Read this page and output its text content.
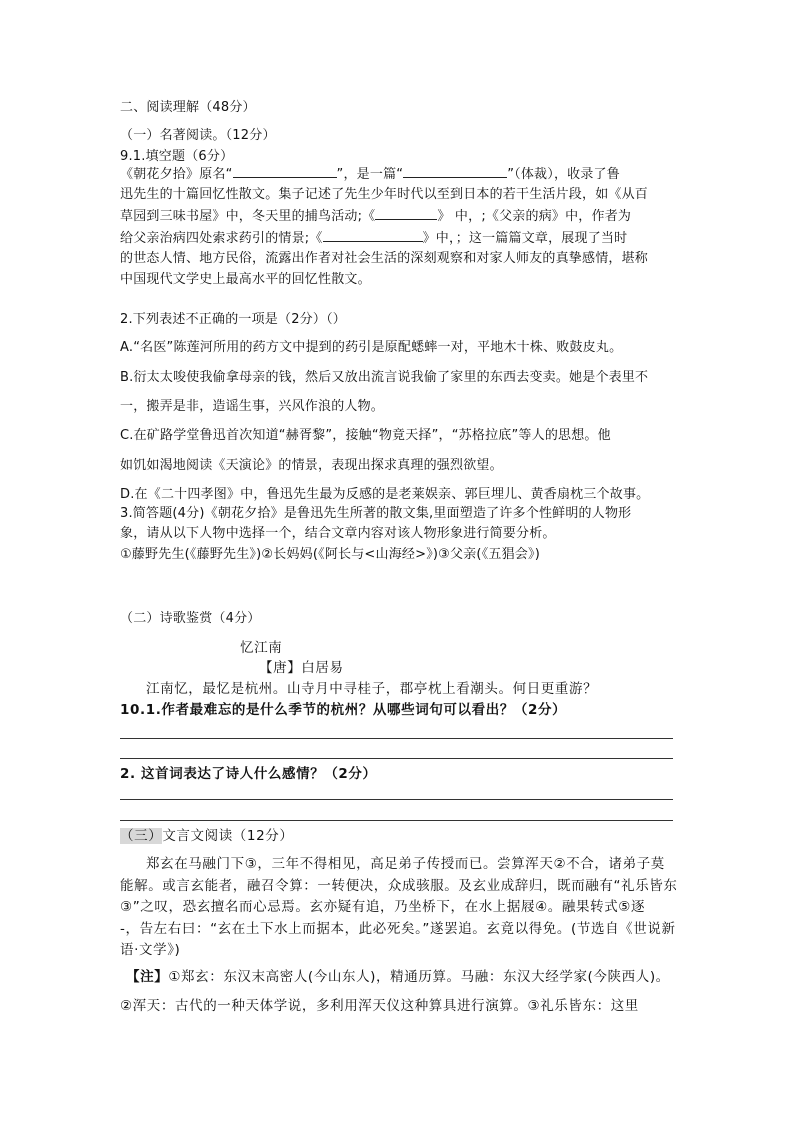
二、阅读理解（48分）
（一）名著阅读。（12分）
9.1.填空题（6分）
《朝花夕拾》原名“	”，是一篇“	”（体裁），收录了鲁
迅先生的十篇回忆性散文。集子记述了先生少年时代以至到日本的若干生活片段，如《从百
草园到三味书屋》中，冬天里的捕鸟活动;《	》 中，;《父亲的病》中，作者为
给父亲治病四处索求药引的情景;《	》中，；这一篇篇文章，展现了当时
的世态人情、地方民俗，流露出作者对社会生活的深刻观察和对家人师友的真挚感情，堪称
中国现代文学史上最高水平的回忆性散文。
2.下列表述不正确的一项是（2分）（）
A.“名医”陈莲河所用的药方文中提到的药引是原配蟋蟀一对，平地木十株、败鼓皮丸。
B.衍太太唆使我偷拿母亲的钱，然后又放出流言说我偷了家里的东西去变卖。她是个表里不
一，搬弄是非，造谣生事，兴风作浪的人物。
C.在矿路学堂鲁迅首次知道“赫胥黎”，接触“物竟天择”，“苏格拉底”等人的思想。他
如饥如渴地阅读《天演论》的情景，表现出探求真理的强烈欲望。
D.在《二十四孝图》中，鲁迅先生最为反感的是老莱娱亲、郭巨埋儿、黄香扇枕三个故事。
3.简答题(4分)《朝花夕拾》是鲁迅先生所著的散文集,里面塑造了许多个性鲜明的人物形
象，请从以下人物中选择一个，结合文章内容对该人物形象进行简要分析。
①藤野先生(《藤野先生》)②长妈妈(《阿长与<山海经>》)③父亲(《五猖会》)
（二）诗歌鉴赏（4分）
忆江南
【唐】白居易
江南忆，最忆是杭州。山寺月中寻桂子，郡亭枕上看潮头。何日更重游？
10.1.作者最难忘的是什么季节的杭州？从哪些词句可以看出？（2分）
2. 这首词表达了诗人什么感情？（2分）
（三）文言文阅读（12分）
郑玄在马融门下③，三年不得相见，高足弟子传授而已。尝算浑天②不合，诸弟子莫
能解。或言玄能者，融召令算：一转便决，众成骇服。及玄业成辞归，既而融有“礼乐皆东
③”之叹，恐玄擅名而心忌焉。玄亦疑有追，乃坐桥下，在水上据屐④。融果转式⑤逐
-，告左右曰：“玄在土下水上而据本，此必死矣。”遂罢追。玄竟以得免。(节选自《世说新
语·文学》)
【注】①郑玄：东汉末高密人(今山东人)，精通历算。马融：东汉大经学家(今陕西人)。
②浑天：古代的一种天体学说，多利用浑天仪这种算具进行演算。③礼乐皆东：这里
